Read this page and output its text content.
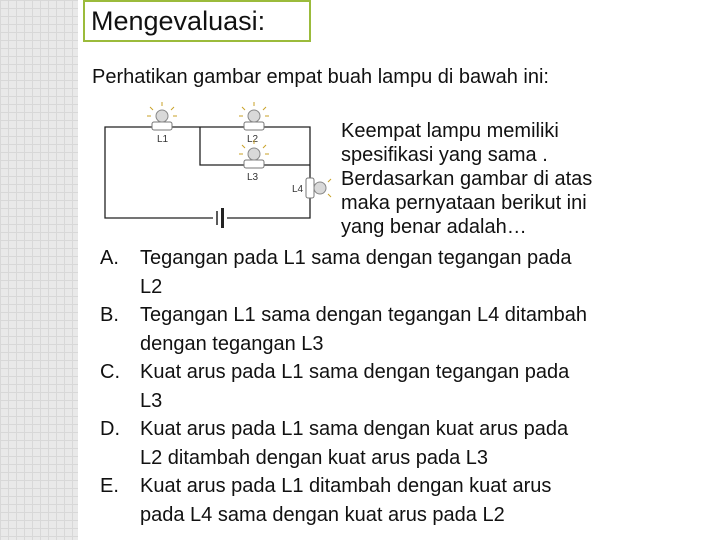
Mengevaluasi:
Perhatikan gambar empat buah lampu di bawah ini:
L1	L2
L3
L4
Keempat lampu memiliki
spesifikasi yang sama .
Berdasarkan gambar di atas
maka pernyataan berikut ini
yang benar adalah…
A.	Tegangan pada L1 sama dengan tegangan pada
L2
B.	Tegangan L1 sama dengan tegangan L4 ditambah
dengan tegangan L3
C.	Kuat arus pada L1 sama dengan tegangan pada
L3
D.	Kuat arus pada L1 sama dengan kuat arus pada
L2 ditambah dengan kuat arus pada L3
E.	Kuat arus pada L1 ditambah dengan kuat arus
pada L4 sama dengan kuat arus pada L2
